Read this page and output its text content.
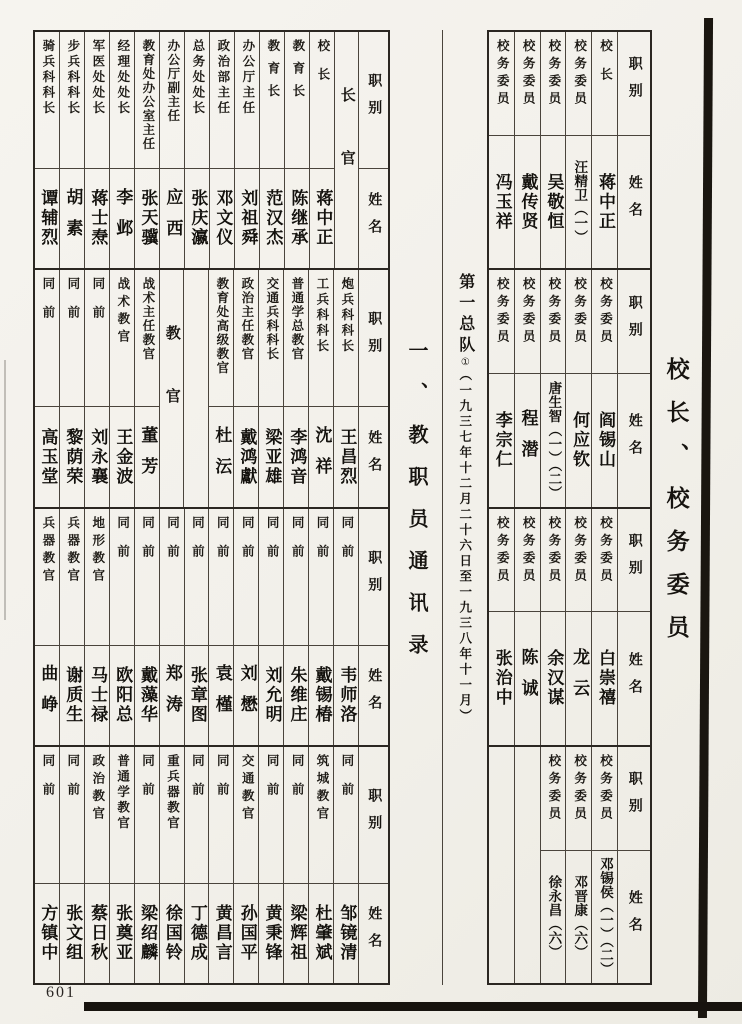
职别
姓名
长官
校长
蒋中正
教育长
陈继承
教育长
范汉杰
办公厅主任
刘祖舜
政治部主任
邓文仪
总务处处长
张庆瀛
办公厅副主任
应西
教育处办公室主任
张天骥
经理处处长
李邺
军医处处长
蒋士焘
步兵科科长
胡素
骑兵科科长
谭辅烈
职别
姓名
炮兵科科长
王昌烈
工兵科科长
沈祥
普通学总教官
李鸿音
交通兵科科长
梁亚雄
政治主任教官
戴鸿獻
教育处高级教官
杜沄
教官
战术主任教官
董芳
战术教官
王金波
同前
刘永襄
同前
黎荫荣
同前
高玉堂
职别
姓名
同前
韦师洛
同前
戴锡椿
同前
朱维庄
同前
刘允明
同前
刘懋
同前
袁槿
同前
张章图
同前
郑涛
同前
戴藻华
同前
欧阳总
地形教官
马士禄
兵器教官
谢质生
兵器教官
曲峥
职别
姓名
同前
邹镜清
筑城教官
杜肇斌
同前
梁辉祖
同前
黄秉锋
交通教官
孙国平
同前
黄昌言
同前
丁德成
重兵器教官
徐国铃
同前
梁绍麟
普通学教官
张奠亚
政治教官
蔡日秋
同前
张文组
同前
方镇中
一、教职员通讯录
第一总队①（一九三七年十二月二十六日至一九三八年十一月）
职别
姓名
校长
蒋中正
校务委员
汪精卫（一）
校务委员
吴敬恒
校务委员
戴传贤
校务委员
冯玉祥
职别
姓名
校务委员
阎锡山
校务委员
何应钦
校务委员
唐生智（一）（二）
校务委员
程潜
校务委员
李宗仁
职别
姓名
校务委员
白崇禧
校务委员
龙云
校务委员
余汉谋
校务委员
陈诚
校务委员
张治中
职别
姓名
校务委员
邓锡侯（一）（二）
校务委员
邓晋康（六）
校务委员
徐永昌（六）
校长、校务委员
601
